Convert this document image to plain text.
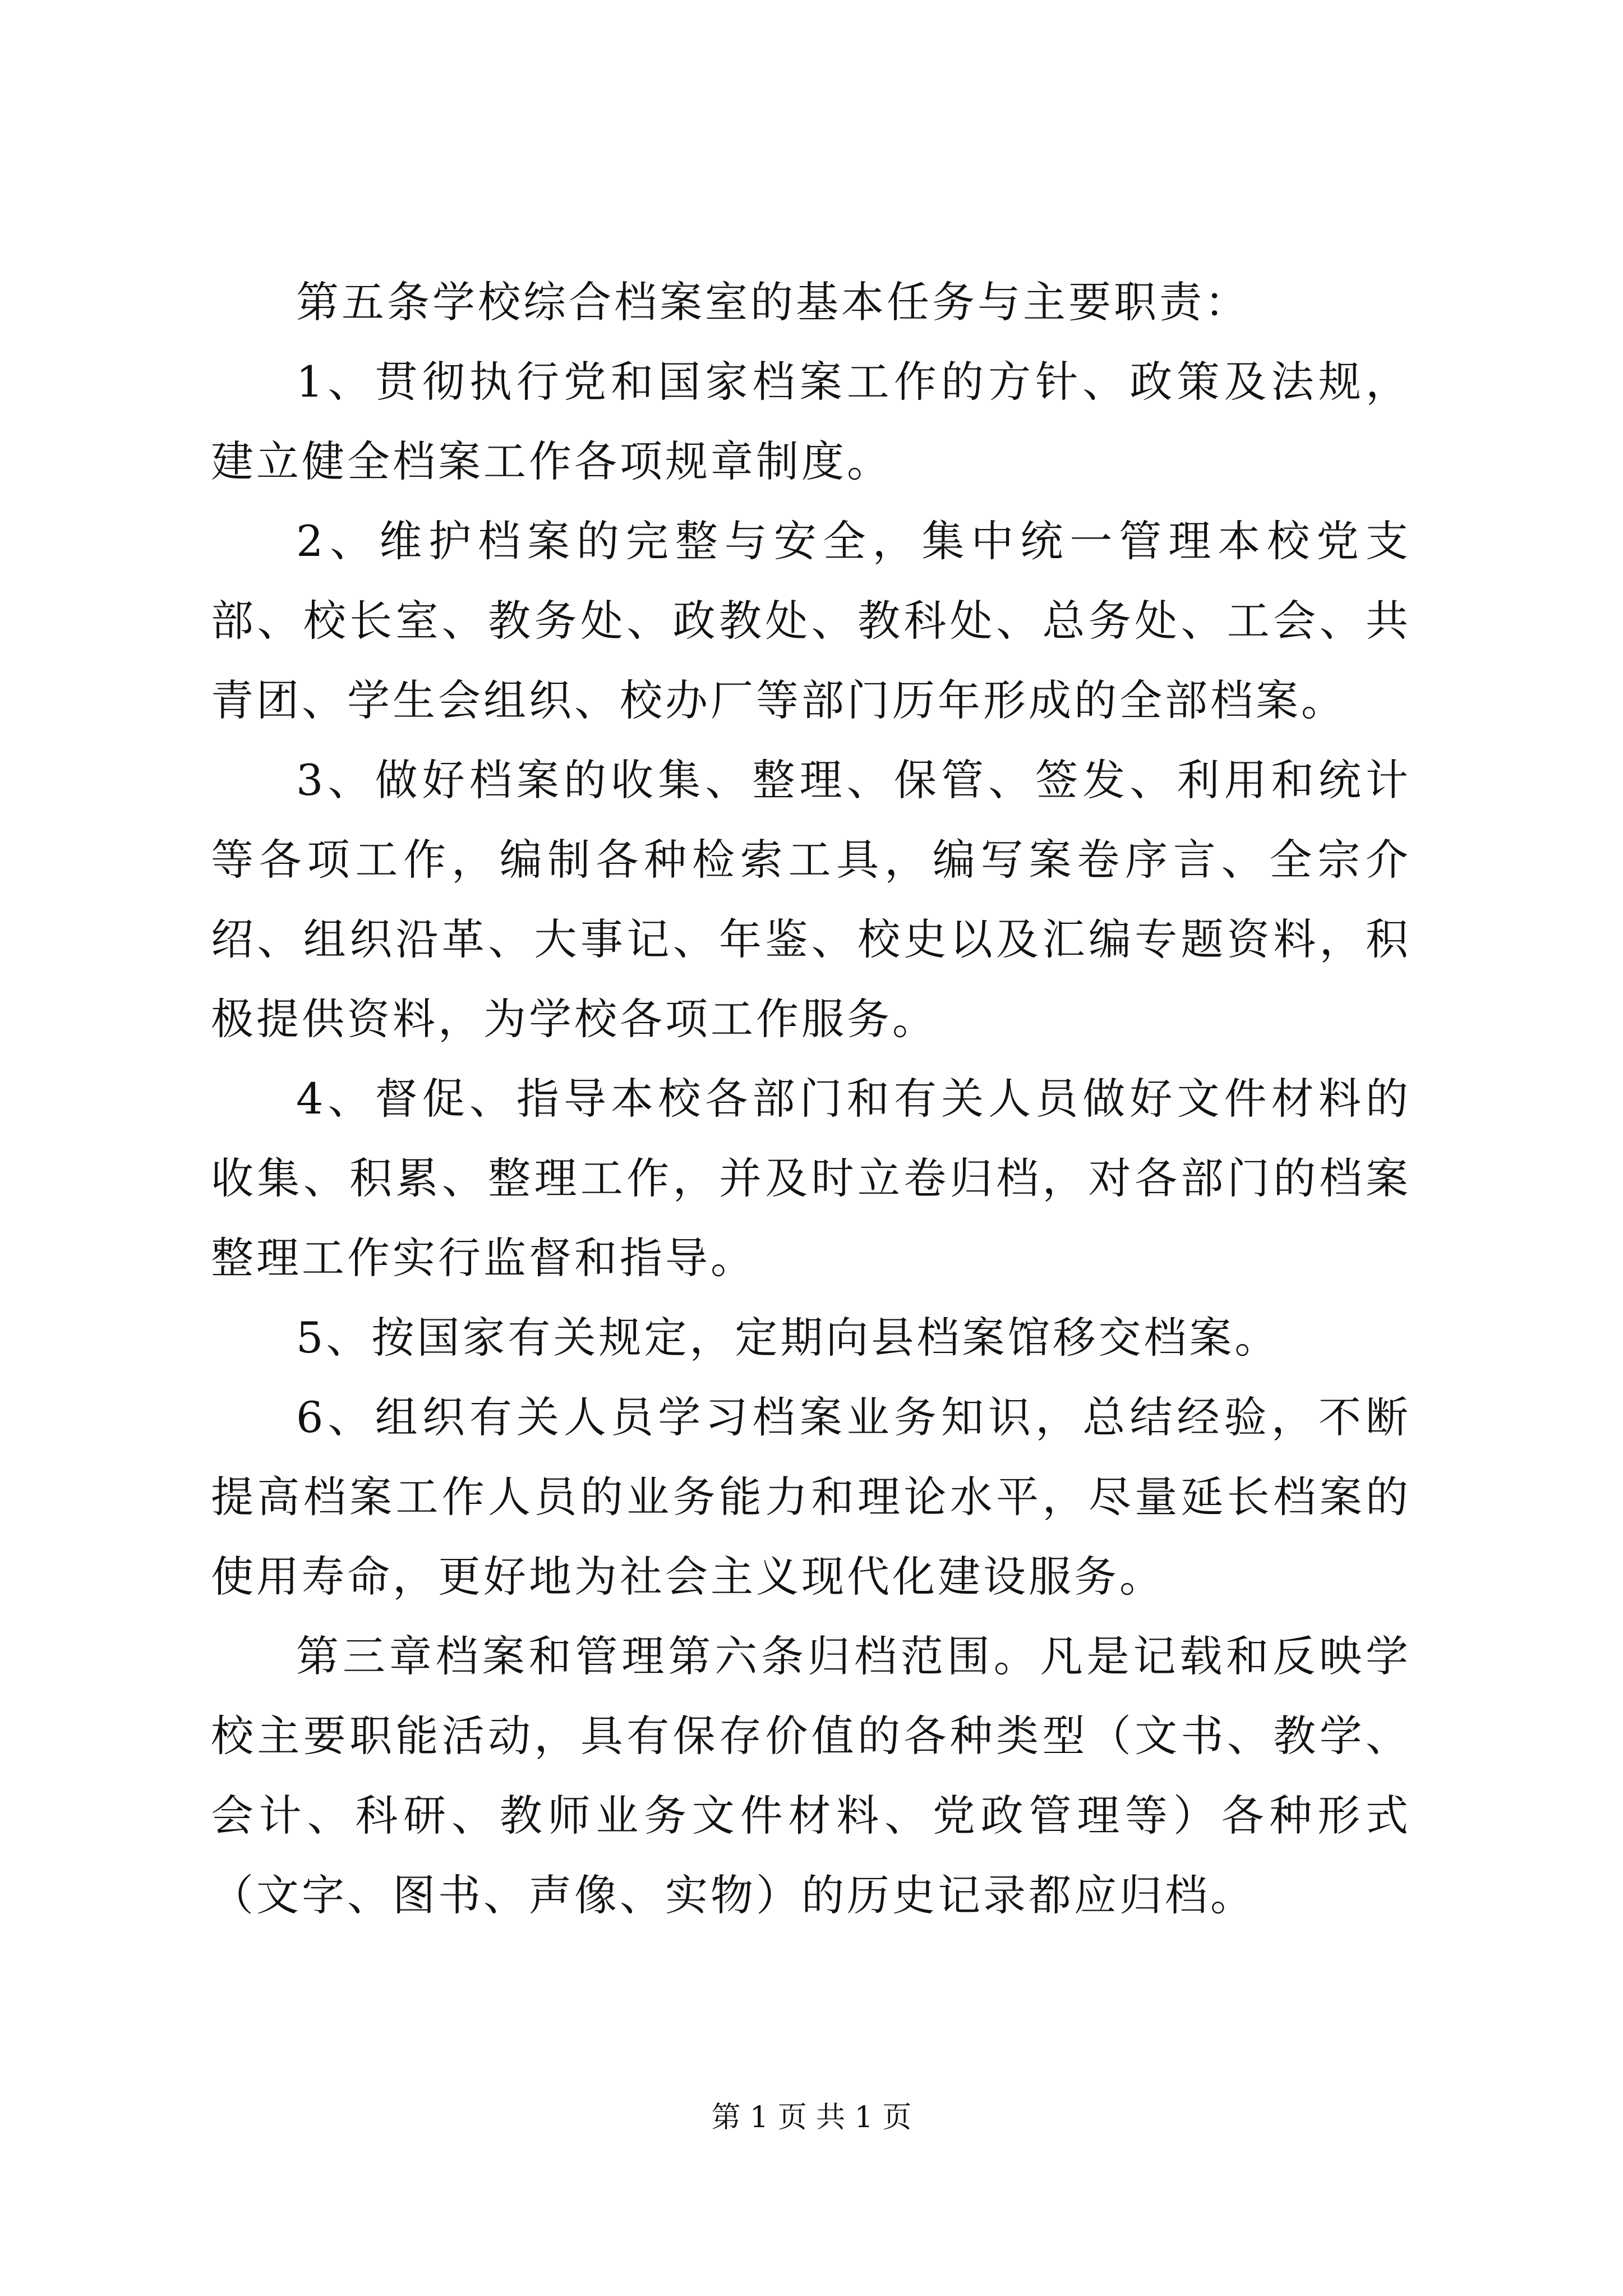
第五条学校综合档案室的基本任务与主要职责：

1、贯彻执行党和国家档案工作的方针、政策及法规，建立健全档案工作各项规章制度。

2、维护档案的完整与安全，集中统一管理本校党支部、校长室、教务处、政教处、教科处、总务处、工会、共青团、学生会组织、校办厂等部门历年形成的全部档案。

3、做好档案的收集、整理、保管、签发、利用和统计等各项工作，编制各种检索工具，编写案卷序言、全宗介绍、组织沿革、大事记、年鉴、校史以及汇编专题资料，积极提供资料，为学校各项工作服务。

4、督促、指导本校各部门和有关人员做好文件材料的收集、积累、整理工作，并及时立卷归档，对各部门的档案整理工作实行监督和指导。

5、按国家有关规定，定期向县档案馆移交档案。

6、组织有关人员学习档案业务知识，总结经验，不断提高档案工作人员的业务能力和理论水平，尽量延长档案的使用寿命，更好地为社会主义现代化建设服务。

第三章档案和管理第六条归档范围。凡是记载和反映学校主要职能活动，具有保存价值的各种类型（文书、教学、会计、科研、教师业务文件材料、党政管理等）各种形式（文字、图书、声像、实物）的历史记录都应归档。

第 1 页 共 1 页
